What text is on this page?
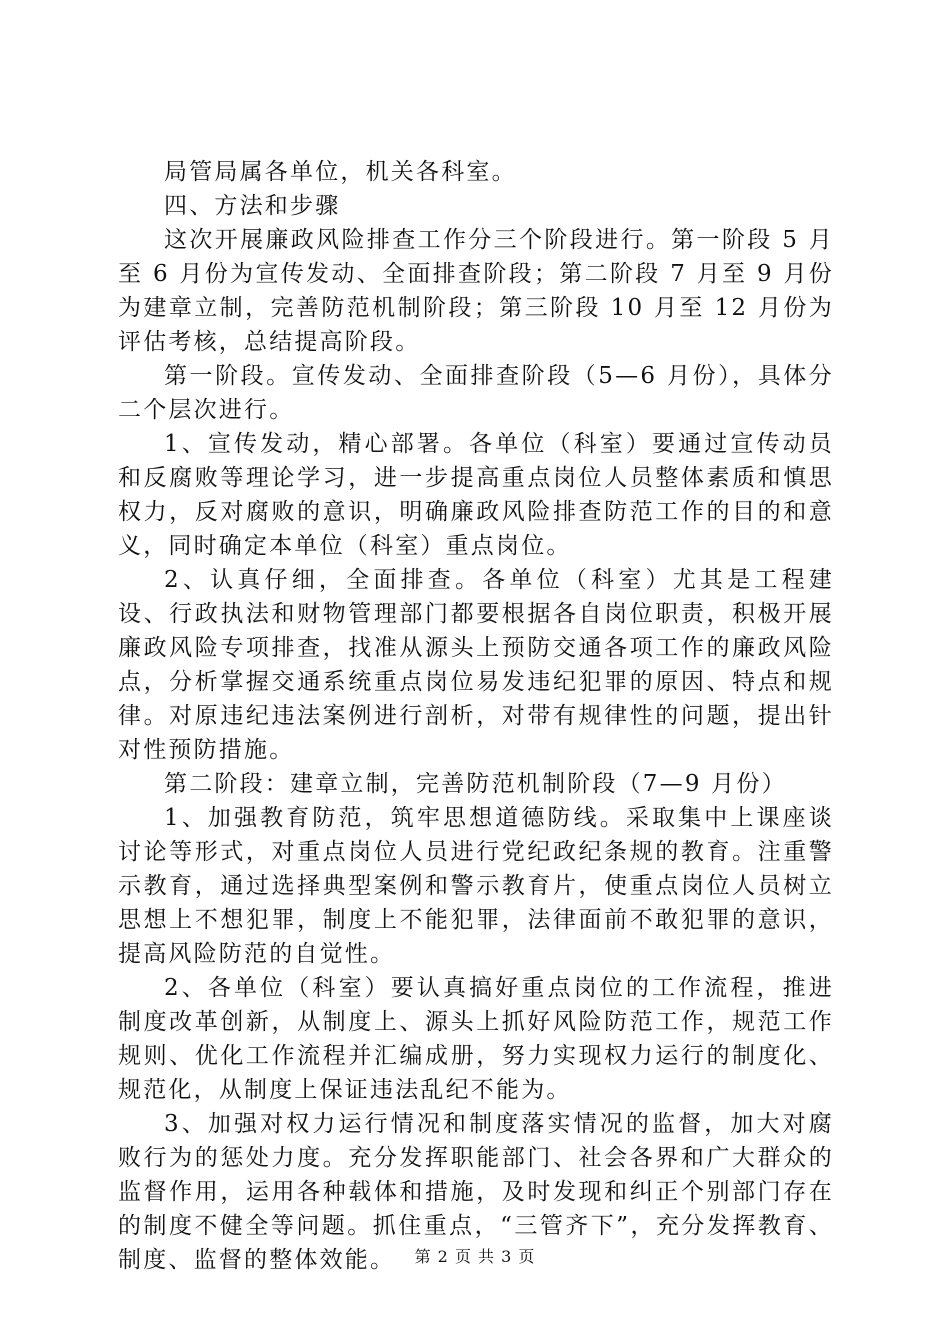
局管局属各单位，机关各科室。

四、方法和步骤

这次开展廉政风险排查工作分三个阶段进行。第一阶段 5 月至 6 月份为宣传发动、全面排查阶段；第二阶段 7 月至 9 月份为建章立制，完善防范机制阶段；第三阶段 10 月至 12 月份为评估考核，总结提高阶段。

第一阶段。宣传发动、全面排查阶段（5—6 月份），具体分二个层次进行。

1、宣传发动，精心部署。各单位（科室）要通过宣传动员和反腐败等理论学习，进一步提高重点岗位人员整体素质和慎思权力，反对腐败的意识，明确廉政风险排查防范工作的目的和意义，同时确定本单位（科室）重点岗位。

2、认真仔细，全面排查。各单位（科室）尤其是工程建设、行政执法和财物管理部门都要根据各自岗位职责，积极开展廉政风险专项排查，找准从源头上预防交通各项工作的廉政风险点，分析掌握交通系统重点岗位易发违纪犯罪的原因、特点和规律。对原违纪违法案例进行剖析，对带有规律性的问题，提出针对性预防措施。

第二阶段：建章立制，完善防范机制阶段（7—9 月份）

1、加强教育防范，筑牢思想道德防线。采取集中上课座谈讨论等形式，对重点岗位人员进行党纪政纪条规的教育。注重警示教育，通过选择典型案例和警示教育片，使重点岗位人员树立思想上不想犯罪，制度上不能犯罪，法律面前不敢犯罪的意识，提高风险防范的自觉性。

2、各单位（科室）要认真搞好重点岗位的工作流程，推进制度改革创新，从制度上、源头上抓好风险防范工作，规范工作规则、优化工作流程并汇编成册，努力实现权力运行的制度化、规范化，从制度上保证违法乱纪不能为。

3、加强对权力运行情况和制度落实情况的监督，加大对腐败行为的惩处力度。充分发挥职能部门、社会各界和广大群众的监督作用，运用各种载体和措施，及时发现和纠正个别部门存在的制度不健全等问题。抓住重点，“三管齐下”，充分发挥教育、制度、监督的整体效能。	第 2 页 共 3 页
